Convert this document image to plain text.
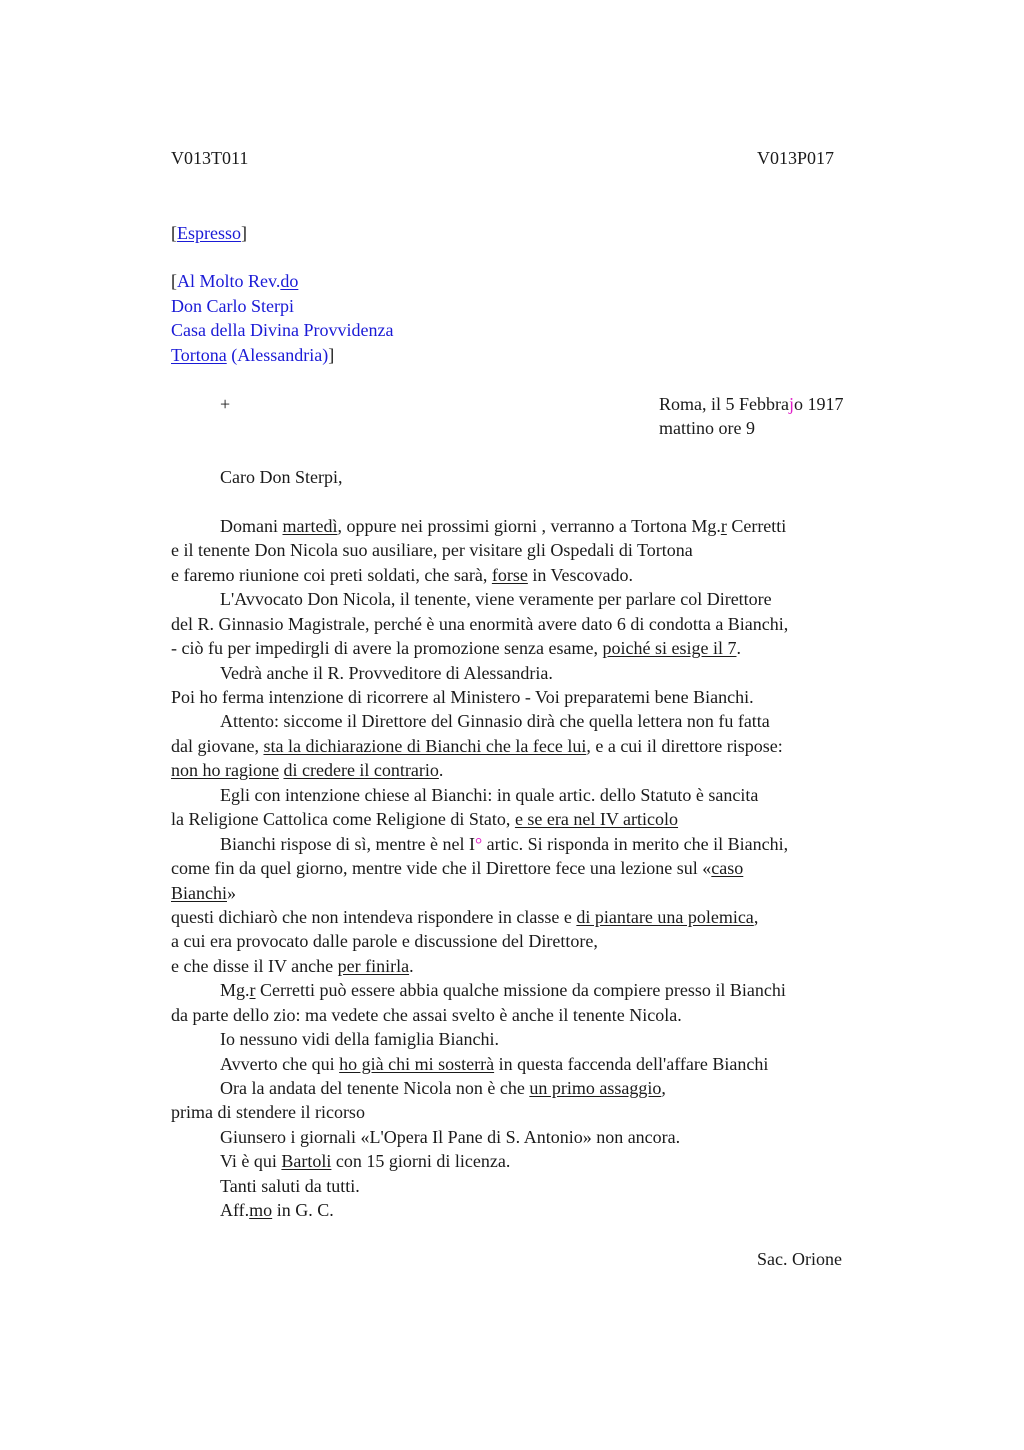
V013T011	V013P017
[Espresso]
[Al Molto Rev.do
Don Carlo Sterpi
Casa della Divina Provvidenza
Tortona (Alessandria)]
+	Roma, il 5 Febbrajo 1917
mattino ore 9
Caro Don Sterpi,
Domani martedì, oppure nei prossimi giorni , verranno a Tortona Mg.r Cerretti
e il tenente Don Nicola suo ausiliare, per visitare gli Ospedali di Tortona
e faremo riunione coi preti soldati, che sarà, forse in Vescovado.
L'Avvocato Don Nicola, il tenente, viene veramente per parlare col Direttore
del R. Ginnasio Magistrale, perché è una enormità avere dato 6 di condotta a Bianchi,
- ciò fu per impedirgli di avere la promozione senza esame, poiché si esige il 7.
Vedrà anche il R. Provveditore di Alessandria.
Poi ho ferma intenzione di ricorrere al Ministero - Voi preparatemi bene Bianchi.
Attento: siccome il Direttore del Ginnasio dirà che quella lettera non fu fatta
dal giovane, sta la dichiarazione di Bianchi che la fece lui, e a cui il direttore rispose:
non ho ragione di credere il contrario.
Egli con intenzione chiese al Bianchi: in quale artic. dello Statuto è sancita
la Religione Cattolica come Religione di Stato, e se era nel IV articolo
Bianchi rispose di sì, mentre è nel I° artic. Si risponda in merito che il Bianchi,
come fin da quel giorno, mentre vide che il Direttore fece una lezione sul «caso
Bianchi»
questi dichiarò che non intendeva rispondere in classe e di piantare una polemica,
a cui era provocato dalle parole e discussione del Direttore,
e che disse il IV anche per finirla.
Mg.r Cerretti può essere abbia qualche missione da compiere presso il Bianchi
da parte dello zio: ma vedete che assai svelto è anche il tenente Nicola.
Io nessuno vidi della famiglia Bianchi.
Avverto che qui ho già chi mi sosterrà in questa faccenda dell'affare Bianchi
Ora la andata del tenente Nicola non è che un primo assaggio,
prima di stendere il ricorso
Giunsero i giornali «L'Opera Il Pane di S. Antonio» non ancora.
Vi è qui Bartoli con 15 giorni di licenza.
Tanti saluti da tutti.
Aff.mo in G. C.
Sac. Orione
